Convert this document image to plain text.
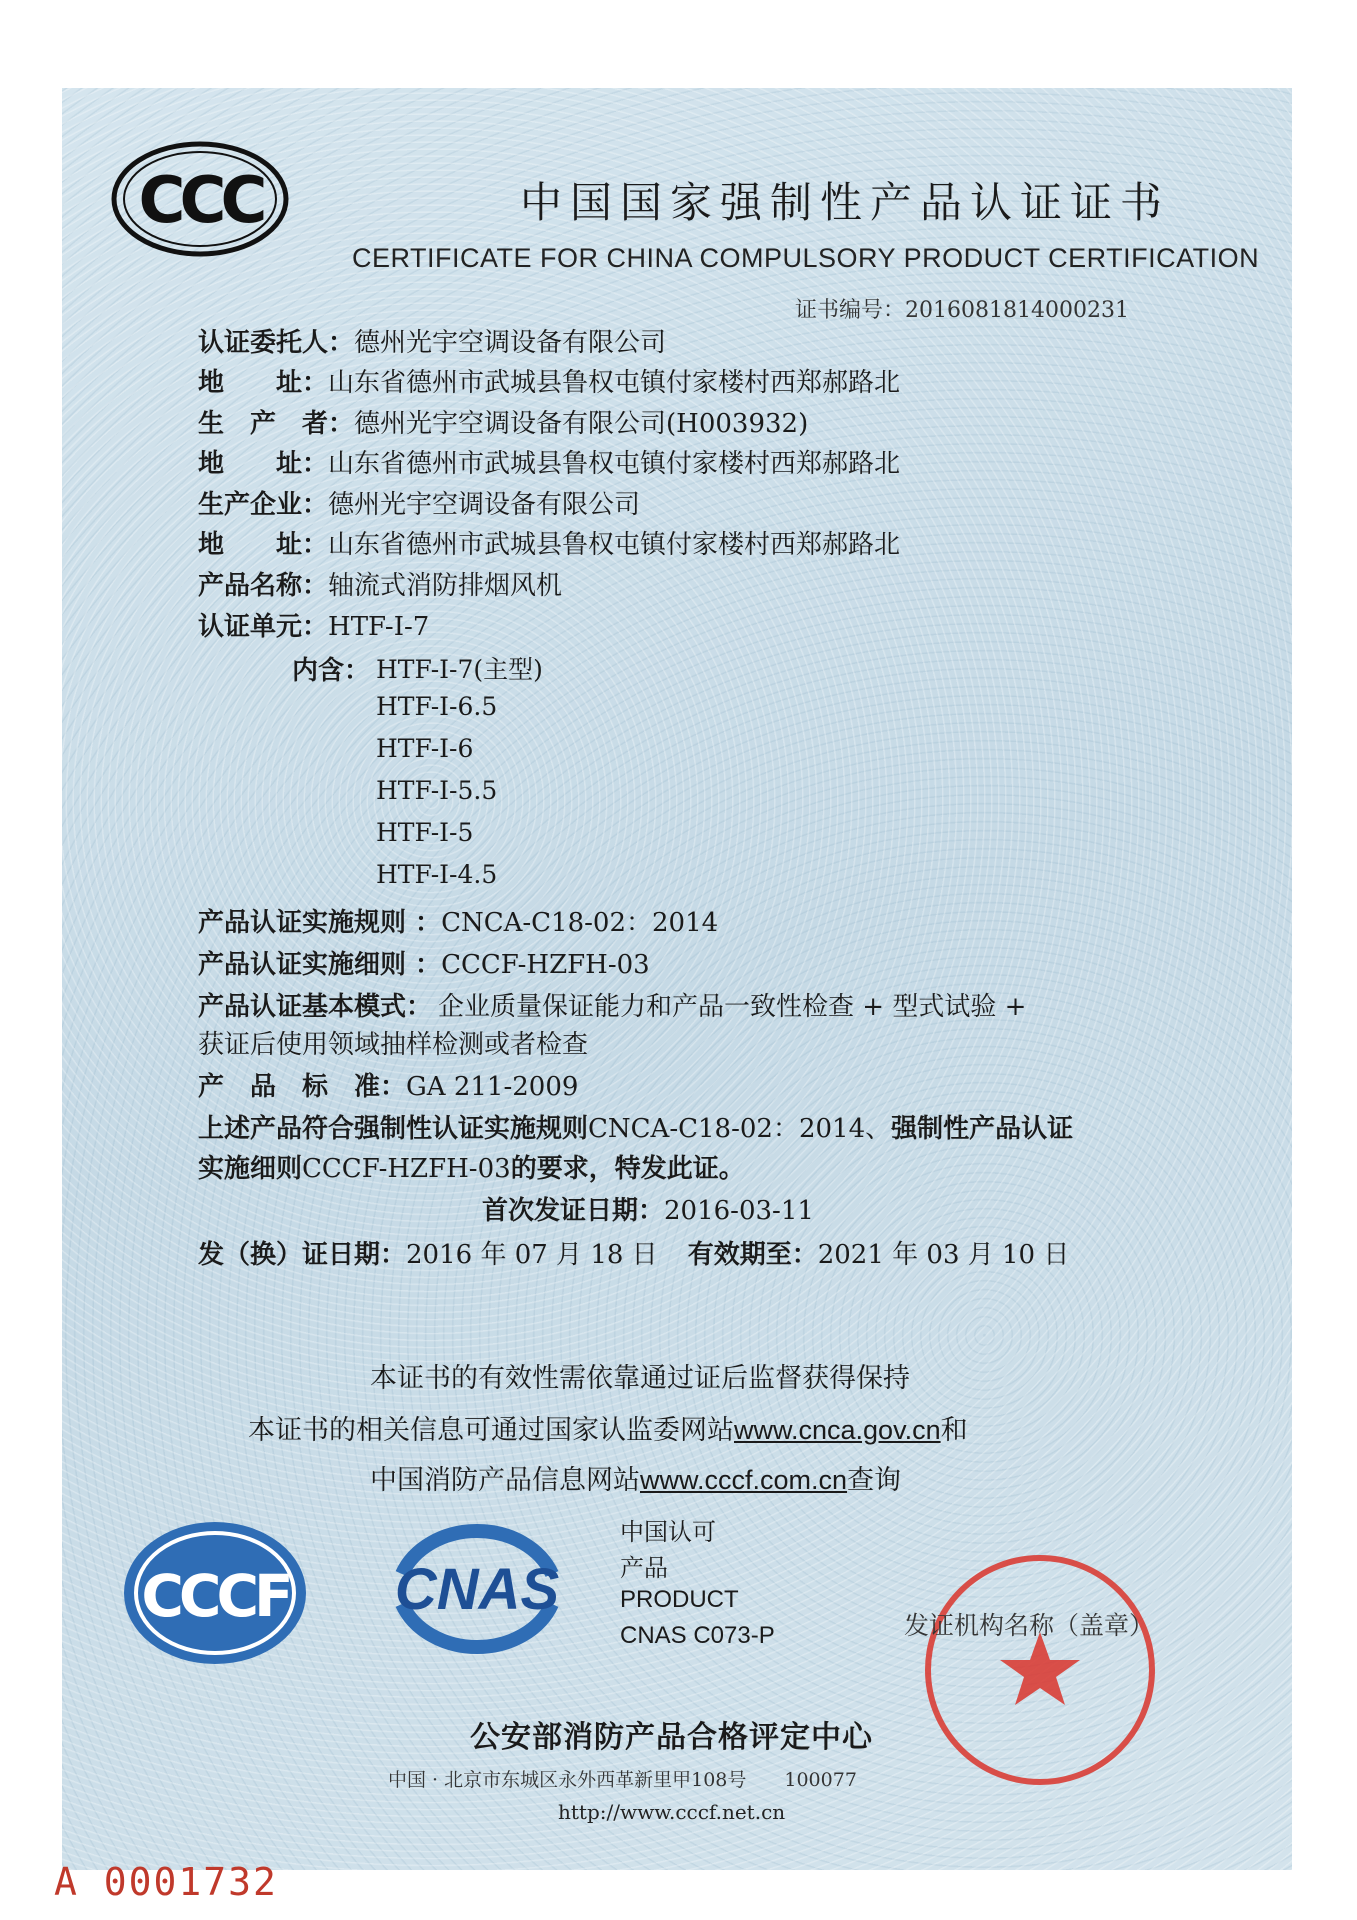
CCC	中国国家强制性产品认证证书
CERTIFICATE FOR CHINA COMPULSORY PRODUCT CERTIFICATION
证书编号：2016081814000231
认证委托人：德州光宇空调设备有限公司
地　　址：山东省德州市武城县鲁权屯镇付家楼村西郑郝路北
生　产　者：德州光宇空调设备有限公司(H003932)
地　　址：山东省德州市武城县鲁权屯镇付家楼村西郑郝路北
生产企业：德州光宇空调设备有限公司
地　　址：山东省德州市武城县鲁权屯镇付家楼村西郑郝路北
产品名称：轴流式消防排烟风机
认证单元：HTF-I-7
内含： HTF-I-7(主型)
HTF-I-6.5
HTF-I-6
HTF-I-5.5
HTF-I-5
HTF-I-4.5
产品认证实施规则 ：CNCA-C18-02：2014
产品认证实施细则 ：CCCF-HZFH-03
产品认证基本模式： 企业质量保证能力和产品一致性检查 + 型式试验 +
获证后使用领域抽样检测或者检查
产　品　标　准：GA 211-2009
上述产品符合强制性认证实施规则CNCA-C18-02：2014、强制性产品认证
实施细则CCCF-HZFH-03的要求，特发此证。
首次发证日期：2016-03-11
发（换）证日期：2016 年 07 月 18 日 有效期至：2021 年 03 月 10 日
本证书的有效性需依靠通过证后监督获得保持
本证书的相关信息可通过国家认监委网站www.cnca.gov.cn和
中国消防产品信息网站www.cccf.com.cn查询
CCCF CNAS
中国认可
产品
PRODUCT
CNAS C073-P	发证机构名称（盖章）
公安部消防产品合格评定中心
中国 · 北京市东城区永外西革新里甲108号　　100077
http://www.cccf.net.cn
A 0001732
